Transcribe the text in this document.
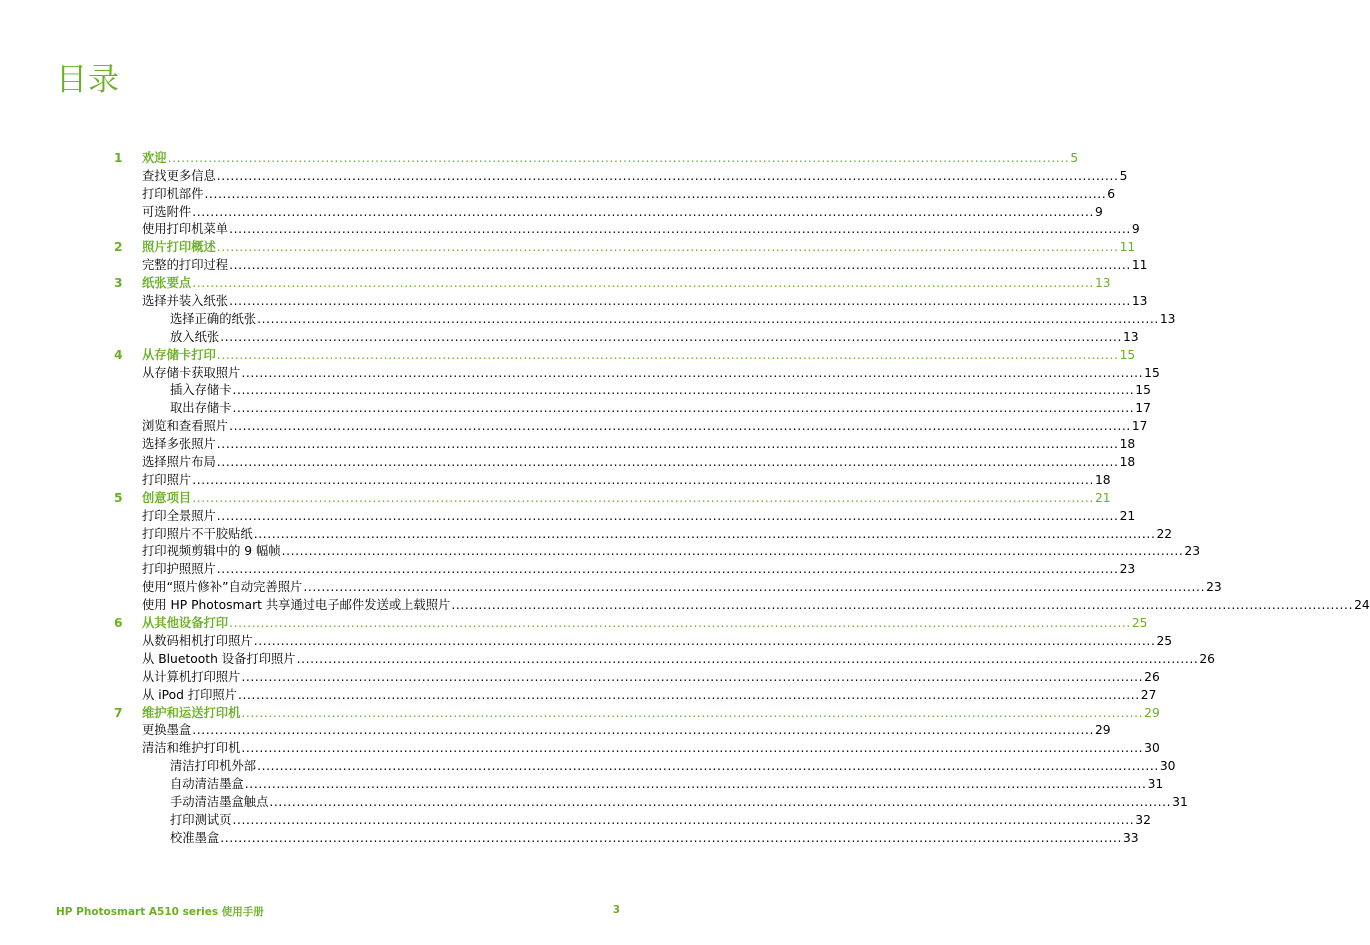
目录
1	欢迎 ........................................................................................................................................................................................................ 5
查找更多信息 ........................................................................................................................................................................................................ 5
打印机部件 ........................................................................................................................................................................................................ 6
可选附件 ........................................................................................................................................................................................................ 9
使用打印机菜单 ........................................................................................................................................................................................................ 9
2	照片打印概述 ........................................................................................................................................................................................................ 11
完整的打印过程 ........................................................................................................................................................................................................ 11
3	纸张要点 ........................................................................................................................................................................................................ 13
选择并装入纸张 ........................................................................................................................................................................................................ 13
选择正确的纸张 ........................................................................................................................................................................................................ 13
放入纸张 ........................................................................................................................................................................................................ 13
4	从存储卡打印 ........................................................................................................................................................................................................ 15
从存储卡获取照片 ........................................................................................................................................................................................................ 15
插入存储卡 ........................................................................................................................................................................................................ 15
取出存储卡 ........................................................................................................................................................................................................ 17
浏览和查看照片 ........................................................................................................................................................................................................ 17
选择多张照片 ........................................................................................................................................................................................................ 18
选择照片布局 ........................................................................................................................................................................................................ 18
打印照片 ........................................................................................................................................................................................................ 18
5	创意项目 ........................................................................................................................................................................................................ 21
打印全景照片 ........................................................................................................................................................................................................ 21
打印照片不干胶贴纸 ........................................................................................................................................................................................................ 22
打印视频剪辑中的 9 幅帧 ........................................................................................................................................................................................................ 23
打印护照照片 ........................................................................................................................................................................................................ 23
使用“照片修补”自动完善照片 ........................................................................................................................................................................................................ 23
使用 HP Photosmart 共享通过电子邮件发送或上载照片 ........................................................................................................................................................................................................ 24
6	从其他设备打印 ........................................................................................................................................................................................................ 25
从数码相机打印照片 ........................................................................................................................................................................................................ 25
从 Bluetooth 设备打印照片 ........................................................................................................................................................................................................ 26
从计算机打印照片 ........................................................................................................................................................................................................ 26
从 iPod 打印照片 ........................................................................................................................................................................................................ 27
7	维护和运送打印机 ........................................................................................................................................................................................................ 29
更换墨盒 ........................................................................................................................................................................................................ 29
清洁和维护打印机 ........................................................................................................................................................................................................ 30
清洁打印机外部 ........................................................................................................................................................................................................ 30
自动清洁墨盒 ........................................................................................................................................................................................................ 31
手动清洁墨盒触点 ........................................................................................................................................................................................................ 31
打印测试页 ........................................................................................................................................................................................................ 32
校准墨盒 ........................................................................................................................................................................................................ 33
HP Photosmart A510 series 使用手册	3
